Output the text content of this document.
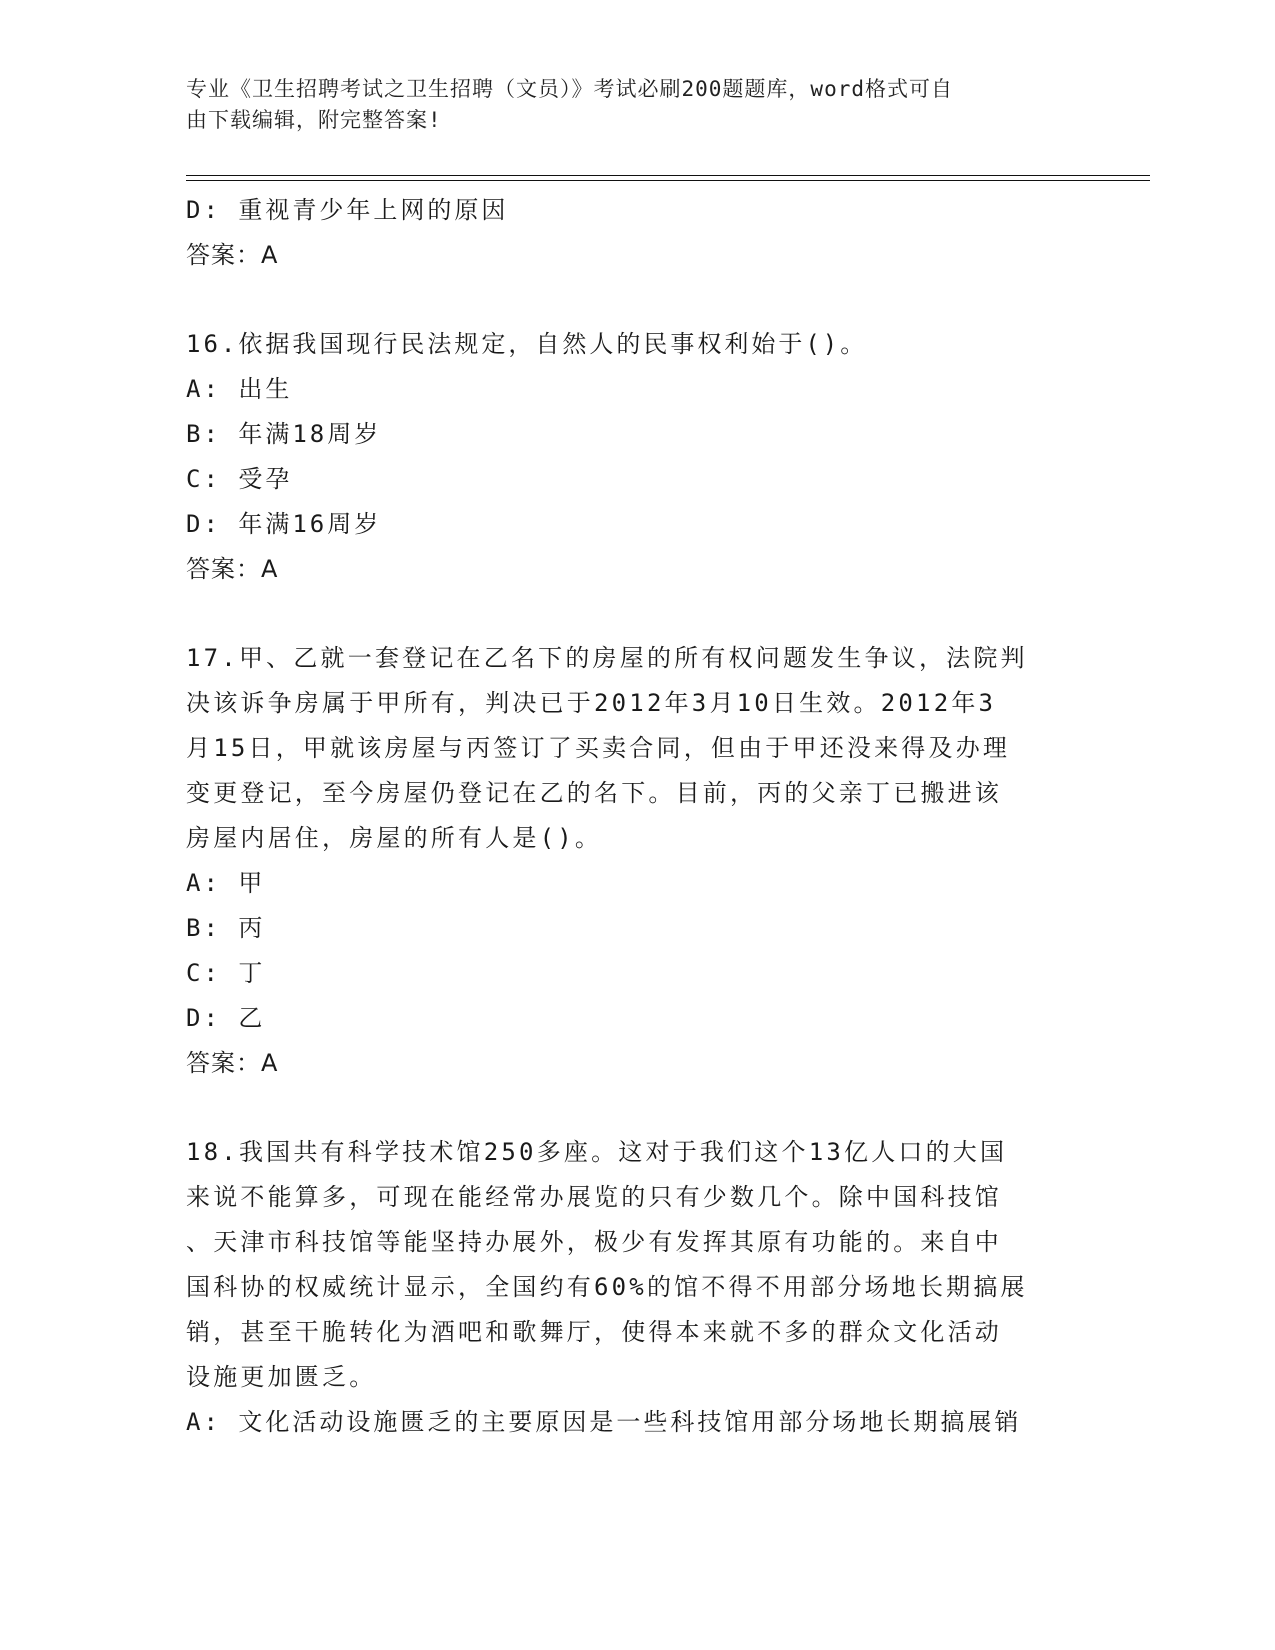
专业《卫生招聘考试之卫生招聘（文员）》考试必刷200题题库，word格式可自
由下载编辑，附完整答案!
D: 重视青少年上网的原因
答案：A
16.依据我国现行民法规定，自然人的民事权利始于()。
A: 出生
B: 年满18周岁
C: 受孕
D: 年满16周岁
答案：A
17.甲、乙就一套登记在乙名下的房屋的所有权问题发生争议，法院判
决该诉争房属于甲所有，判决已于2012年3月10日生效。2012年3
月15日，甲就该房屋与丙签订了买卖合同，但由于甲还没来得及办理
变更登记，至今房屋仍登记在乙的名下。目前，丙的父亲丁已搬进该
房屋内居住，房屋的所有人是()。
A: 甲
B: 丙
C: 丁
D: 乙
答案：A
18.我国共有科学技术馆250多座。这对于我们这个13亿人口的大国
来说不能算多，可现在能经常办展览的只有少数几个。除中国科技馆
、天津市科技馆等能坚持办展外，极少有发挥其原有功能的。来自中
国科协的权威统计显示，全国约有60%的馆不得不用部分场地长期搞展
销，甚至干脆转化为酒吧和歌舞厅，使得本来就不多的群众文化活动
设施更加匮乏。
A: 文化活动设施匮乏的主要原因是一些科技馆用部分场地长期搞展销
